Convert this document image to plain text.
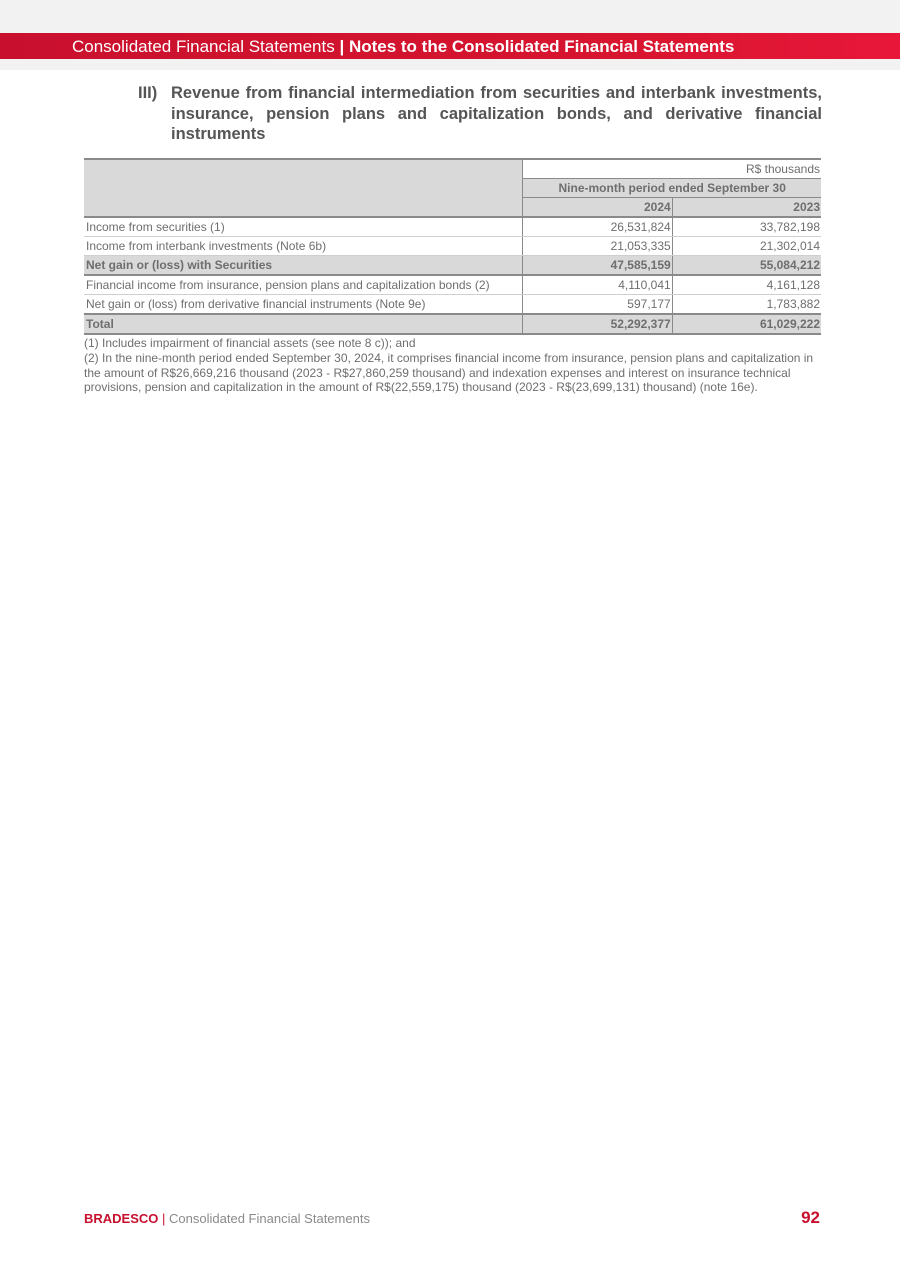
Consolidated Financial Statements | Notes to the Consolidated Financial Statements
III) Revenue from financial intermediation from securities and interbank investments, insurance, pension plans and capitalization bonds, and derivative financial instruments
	R$ thousands	
	Nine-month period ended September 30	
	2024	2023
Income from securities (1)	26,531,824	33,782,198
Income from interbank investments (Note 6b)	21,053,335	21,302,014
Net gain or (loss) with Securities	47,585,159	55,084,212
Financial income from insurance, pension plans and capitalization bonds (2)	4,110,041	4,161,128
Net gain or (loss) from derivative financial instruments (Note 9e)	597,177	1,783,882
Total	52,292,377	61,029,222

(1) Includes impairment of financial assets (see note 8 c)); and

(2) In the nine-month period ended September 30, 2024, it comprises financial income from insurance, pension plans and capitalization in the amount of R$26,669,216 thousand (2023 - R$27,860,259 thousand) and indexation expenses and interest on insurance technical provisions, pension and capitalization in the amount of R$(22,559,175) thousand (2023 - R$(23,699,131) thousand) (note 16e).

BRADESCO | Consolidated Financial Statements	92
